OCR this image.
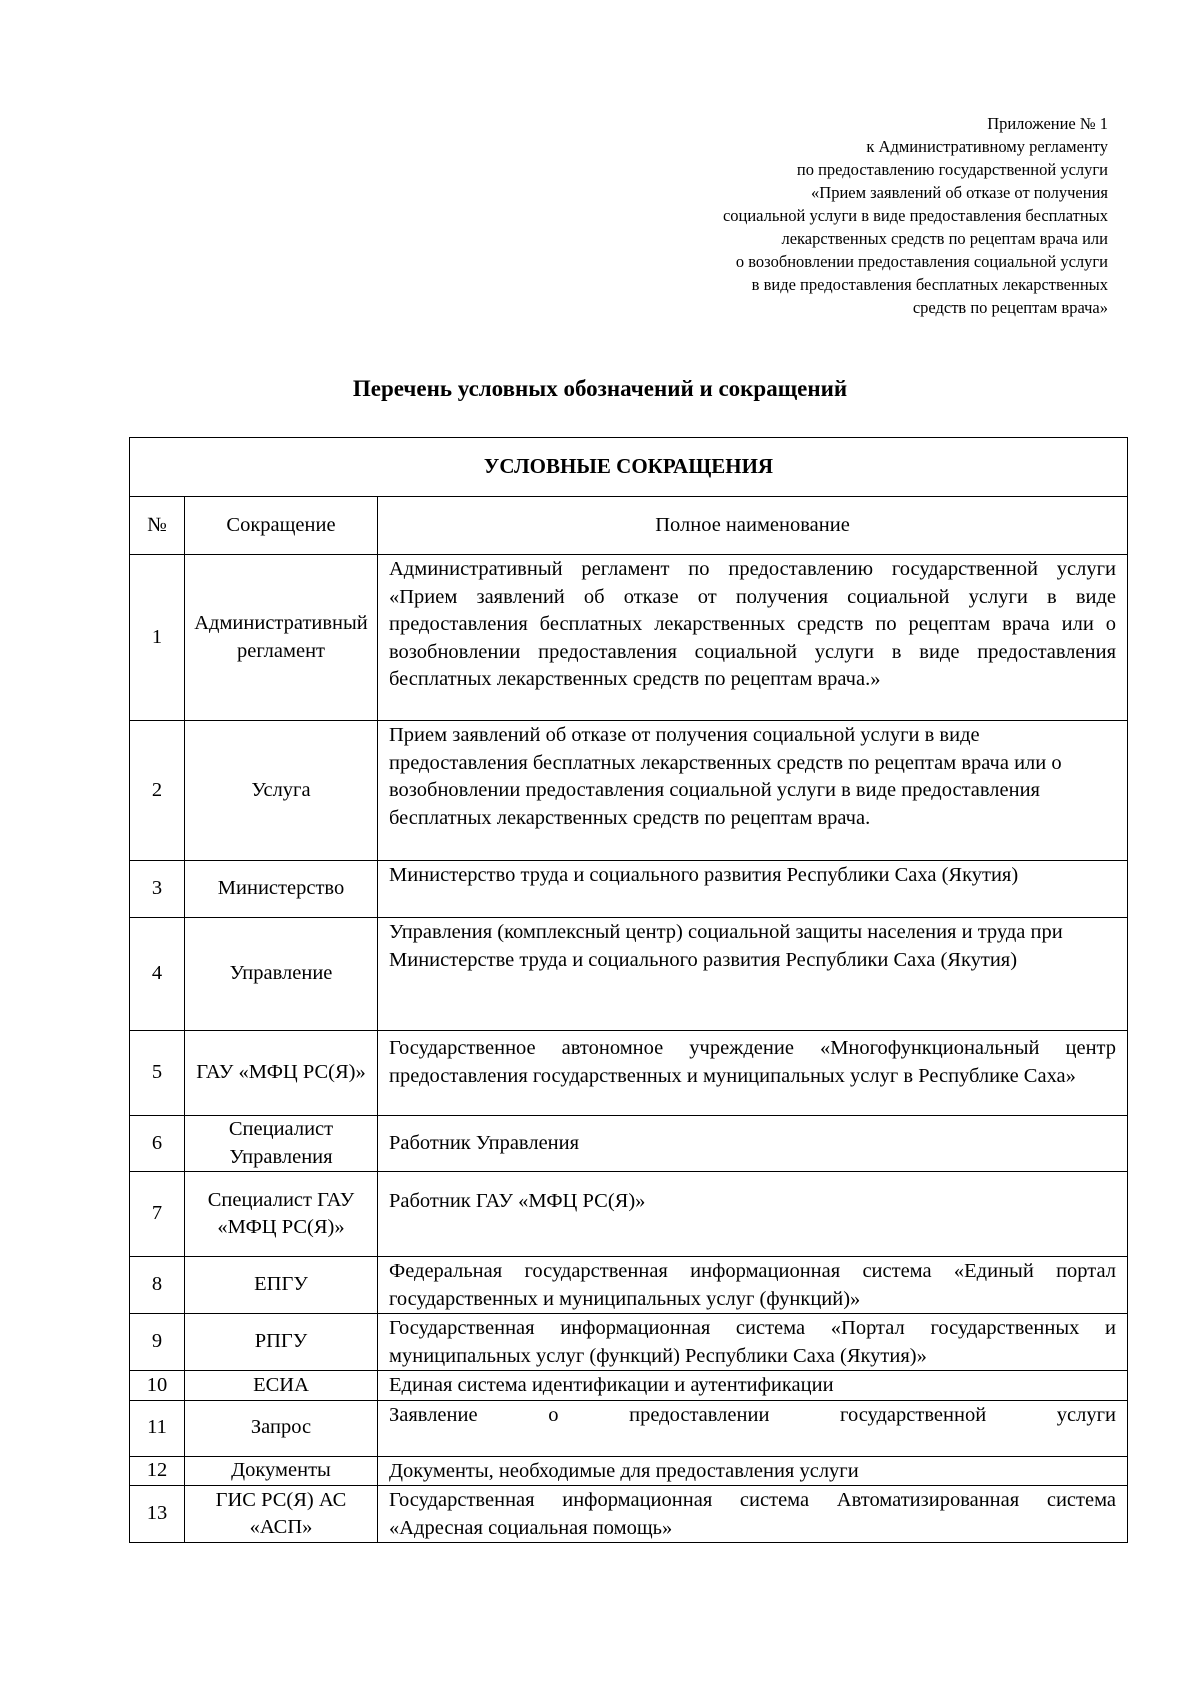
Приложение № 1
к Административному регламенту
по предоставлению государственной услуги
«Прием заявлений об отказе от получения
социальной услуги в виде предоставления бесплатных
лекарственных средств по рецептам врача или
о возобновлении предоставления социальной услуги
в виде предоставления бесплатных лекарственных
средств по рецептам врача»
Перечень условных обозначений и сокращений
УСЛОВНЫЕ СОКРАЩЕНИЯ		
№	Сокращение	Полное наименование
1	Административный регламент	Административный регламент по предоставлению государственной услуги «Прием заявлений об отказе от получения социальной услуги в виде предоставления бесплатных лекарственных средств по рецептам врача или о возобновлении предоставления социальной услуги в виде предоставления бесплатных лекарственных средств по рецептам врача.»
2	Услуга	Прием заявлений об отказе от получения социальной услуги в виде предоставления бесплатных лекарственных средств по рецептам врача или о возобновлении предоставления социальной услуги в виде предоставления бесплатных лекарственных средств по рецептам врача.
3	Министерство	Министерство труда и социального развития Республики Саха (Якутия)
4	Управление	Управления (комплексный центр) социальной защиты населения и труда при Министерстве труда и социального развития Республики Саха (Якутия)
5	ГАУ «МФЦ РС(Я)»	Государственное автономное учреждение «Многофункциональный центр предоставления государственных и муниципальных услуг в Республике Саха»
6	Специалист Управления	Работник Управления
7	Специалист ГАУ «МФЦ РС(Я)»	Работник ГАУ «МФЦ РС(Я)»
8	ЕПГУ	Федеральная государственная информационная система «Единый портал государственных и муниципальных услуг (функций)»
9	РПГУ	Государственная информационная система «Портал государственных и муниципальных услуг (функций) Республики Саха (Якутия)»
10	ЕСИА	Единая система идентификации и аутентификации
11	Запрос	Заявление о предоставлении государственной услуги
12	Документы	Документы, необходимые для предоставления услуги
13	ГИС РС(Я) АС «АСП»	Государственная информационная система Автоматизированная система «Адресная социальная помощь»
